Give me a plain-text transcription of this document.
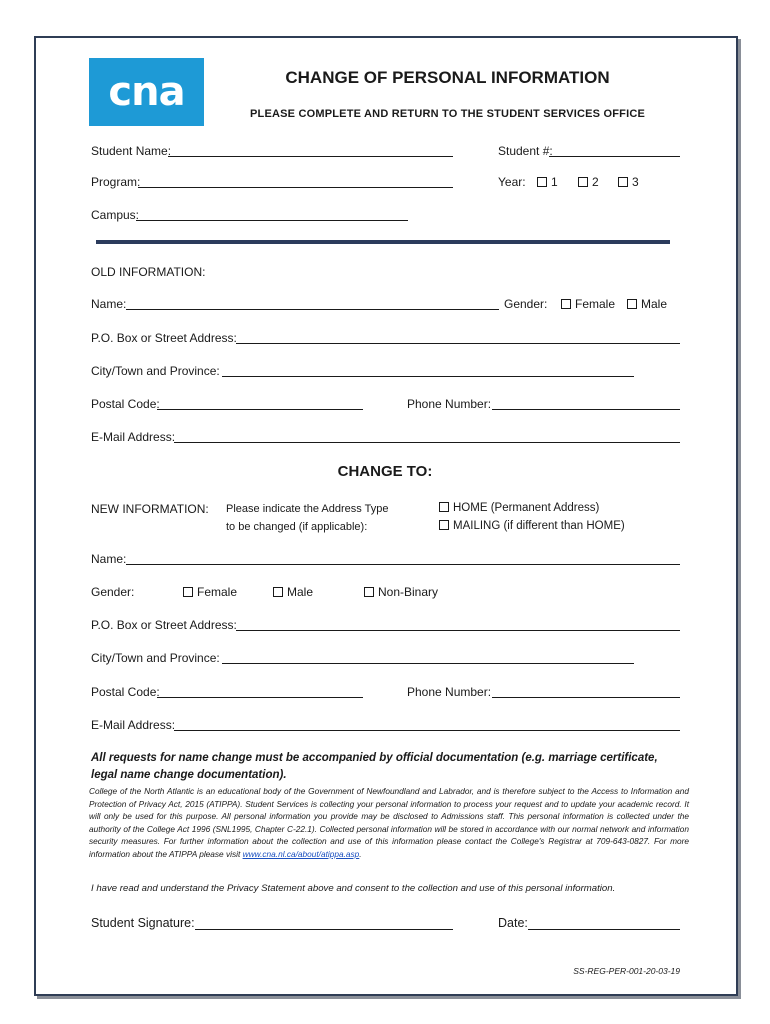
cna	CHANGE OF PERSONAL INFORMATION
PLEASE COMPLETE AND RETURN TO THE STUDENT SERVICES OFFICE
Student Name:	Student #:
Program:	Year:	1	2	3
Campus:
OLD INFORMATION:
Name:	Gender:	Female	Male
P.O. Box or Street Address:
City/Town and Province:
Postal Code:	Phone Number:
E-Mail Address:
CHANGE TO:
NEW INFORMATION: Please indicate the Address Type
to be changed (if applicable):
HOME (Permanent Address)
MAILING (if different than HOME)
Name:
Gender:	Female	Male	Non-Binary
P.O. Box or Street Address:
City/Town and Province:
Postal Code:	Phone Number:
E-Mail Address:
All requests for name change must be accompanied by official documentation (e.g. marriage certificate, legal name change documentation).
College of the North Atlantic is an educational body of the Government of Newfoundland and Labrador, and is therefore subject to the Access to Information and Protection of Privacy Act, 2015 (ATIPPA). Student Services is collecting your personal information to process your request and to update your academic record. It will only be used for this purpose. All personal information you provide may be disclosed to Admissions staff. This personal information is collected under the authority of the College Act 1996 (SNL1995, Chapter C-22.1). Collected personal information will be stored in accordance with our normal network and information security measures. For further information about the collection and use of this information please contact the College's Registrar at 709-643-0827. For more information about the ATIPPA please visit www.cna.nl.ca/about/atippa.asp.
I have read and understand the Privacy Statement above and consent to the collection and use of this personal information.
Student Signature:	Date:
SS-REG-PER-001-20-03-19
